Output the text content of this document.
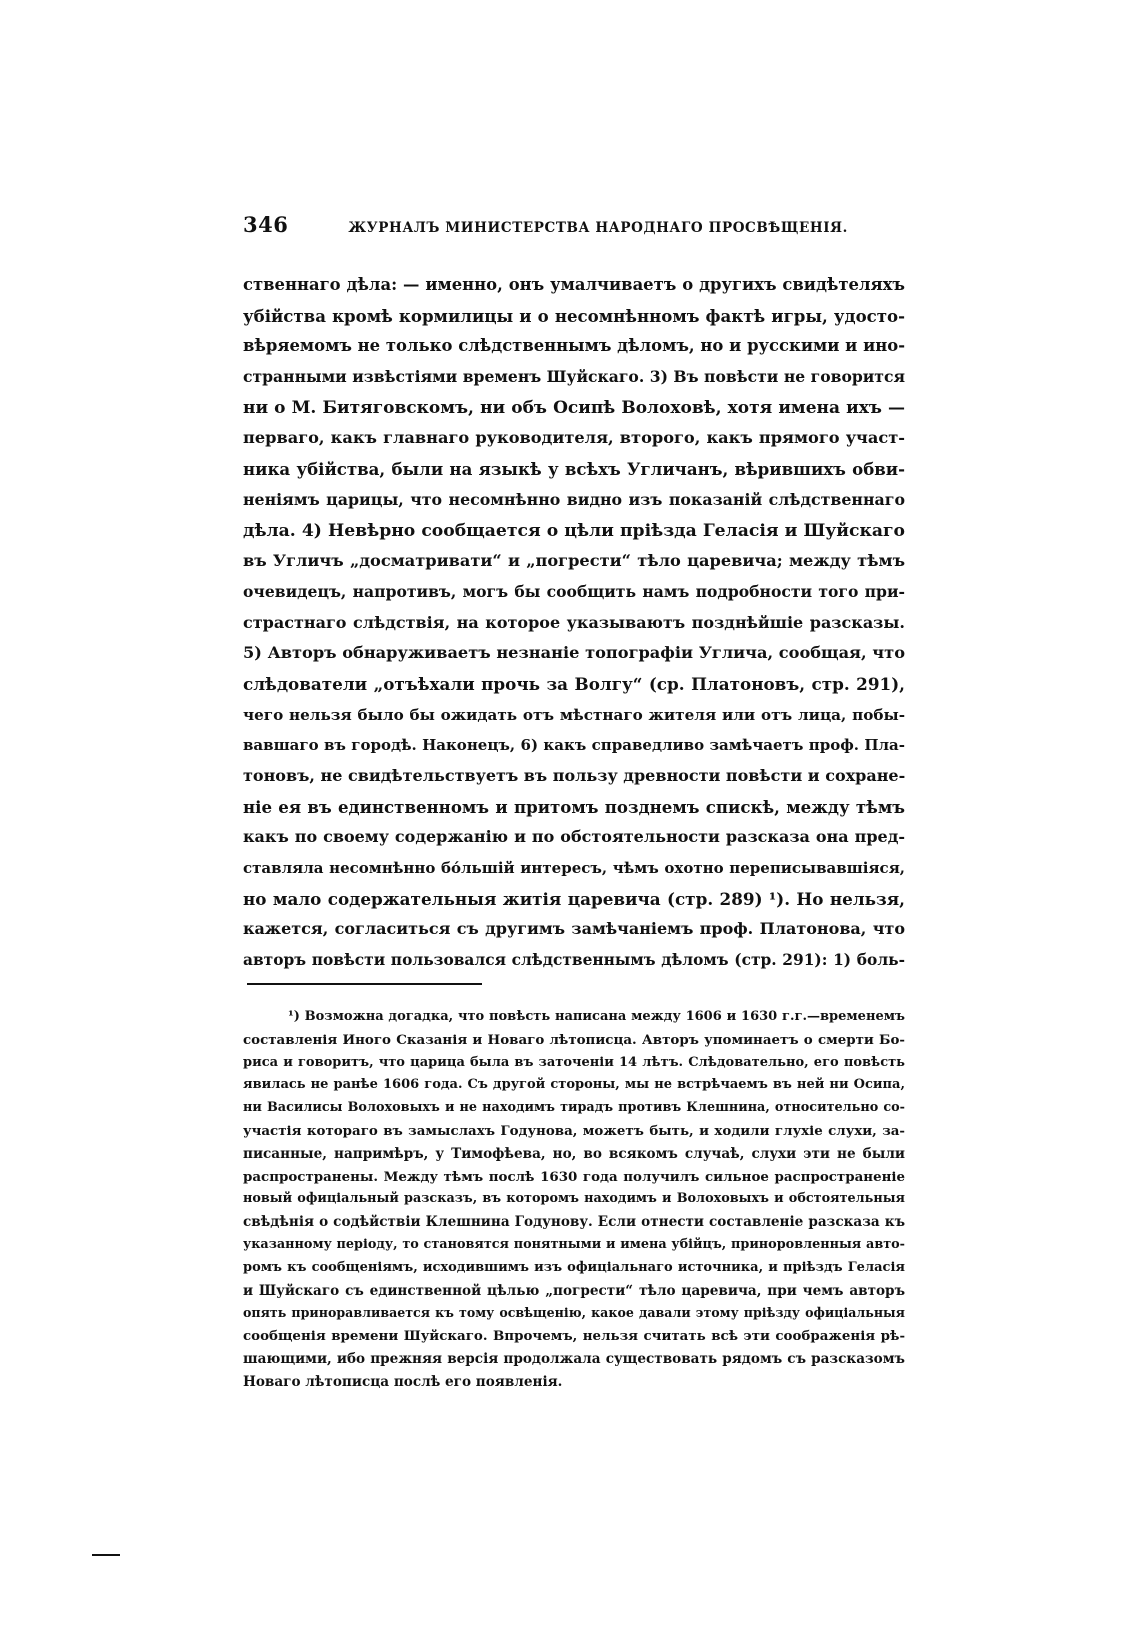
346	ЖУРНАЛЪ МИНИСТЕРСТВА НАРОДНАГО ПРОСВѢЩЕНІЯ.
ственнаго дѣла: — именно, онъ умалчиваетъ о другихъ свидѣтеляхъ
убійства кромѣ кормилицы и о несомнѣнномъ фактѣ игры, удосто-
вѣряемомъ не только слѣдственнымъ дѣломъ, но и русскими и ино-
странными извѣстіями временъ Шуйскаго. 3) Въ повѣсти не говорится
ни о М. Битяговскомъ, ни объ Осипѣ Волоховѣ, хотя имена ихъ —
перваго, какъ главнаго руководителя, второго, какъ прямого участ-
ника убійства, были на языкѣ у всѣхъ Угличанъ, вѣрившихъ обви-
неніямъ царицы, что несомнѣнно видно изъ показаній слѣдственнаго
дѣла. 4) Невѣрно сообщается о цѣли пріѣзда Геласія и Шуйскаго
въ Угличъ „досматривати“ и „погрести“ тѣло царевича; между тѣмъ
очевидецъ, напротивъ, могъ бы сообщить намъ подробности того при-
страстнаго слѣдствія, на которое указываютъ позднѣйшіе разсказы.
5) Авторъ обнаруживаетъ незнаніе топографіи Углича, сообщая, что
слѣдователи „отъѣхали прочь за Волгу“ (ср. Платоновъ, стр. 291),
чего нельзя было бы ожидать отъ мѣстнаго жителя или отъ лица, побы-
вавшаго въ городѣ. Наконецъ, 6) какъ справедливо замѣчаетъ проф. Пла-
тоновъ, не свидѣтельствуетъ въ пользу древности повѣсти и сохране-
ніе ея въ единственномъ и притомъ позднемъ спискѣ, между тѣмъ
какъ по своему содержанію и по обстоятельности разсказа она пред-
ставляла несомнѣнно бо́льшій интересъ, чѣмъ охотно переписывавшіяся,
но мало содержательныя житія царевича (стр. 289) ¹). Но нельзя,
кажется, согласиться съ другимъ замѣчаніемъ проф. Платонова, что
авторъ повѣсти пользовался слѣдственнымъ дѣломъ (стр. 291): 1) боль-
¹) Возможна догадка, что повѣсть написана между 1606 и 1630 г.г.—временемъ
составленія Иного Сказанія и Новаго лѣтописца. Авторъ упоминаетъ о смерти Бо-
риса и говоритъ, что царица была въ заточеніи 14 лѣтъ. Слѣдовательно, его повѣсть
явилась не ранѣе 1606 года. Съ другой стороны, мы не встрѣчаемъ въ ней ни Осипа,
ни Василисы Волоховыхъ и не находимъ тирадъ противъ Клешнина, относительно со-
участія котораго въ замыслахъ Годунова, можетъ быть, и ходили глухіе слухи, за-
писанные, напримѣръ, у Тимофѣева, но, во всякомъ случаѣ, слухи эти не были
распространены. Между тѣмъ послѣ 1630 года получилъ сильное распространеніе
новый офиціальный разсказъ, въ которомъ находимъ и Волоховыхъ и обстоятельныя
свѣдѣнія о содѣйствіи Клешнина Годунову. Если отнести составленіе разсказа къ
указанному періоду, то становятся понятными и имена убійцъ, приноровленныя авто-
ромъ къ сообщеніямъ, исходившимъ изъ офиціальнаго источника, и пріѣздъ Геласія
и Шуйскаго съ единственной цѣлью „погрести“ тѣло царевича, при чемъ авторъ
опять приноравливается къ тому освѣщенію, какое давали этому пріѣзду офиціальныя
сообщенія времени Шуйскаго. Впрочемъ, нельзя считать всѣ эти соображенія рѣ-
шающими, ибо прежняя версія продолжала существовать рядомъ съ разсказомъ
Новаго лѣтописца послѣ его появленія.
